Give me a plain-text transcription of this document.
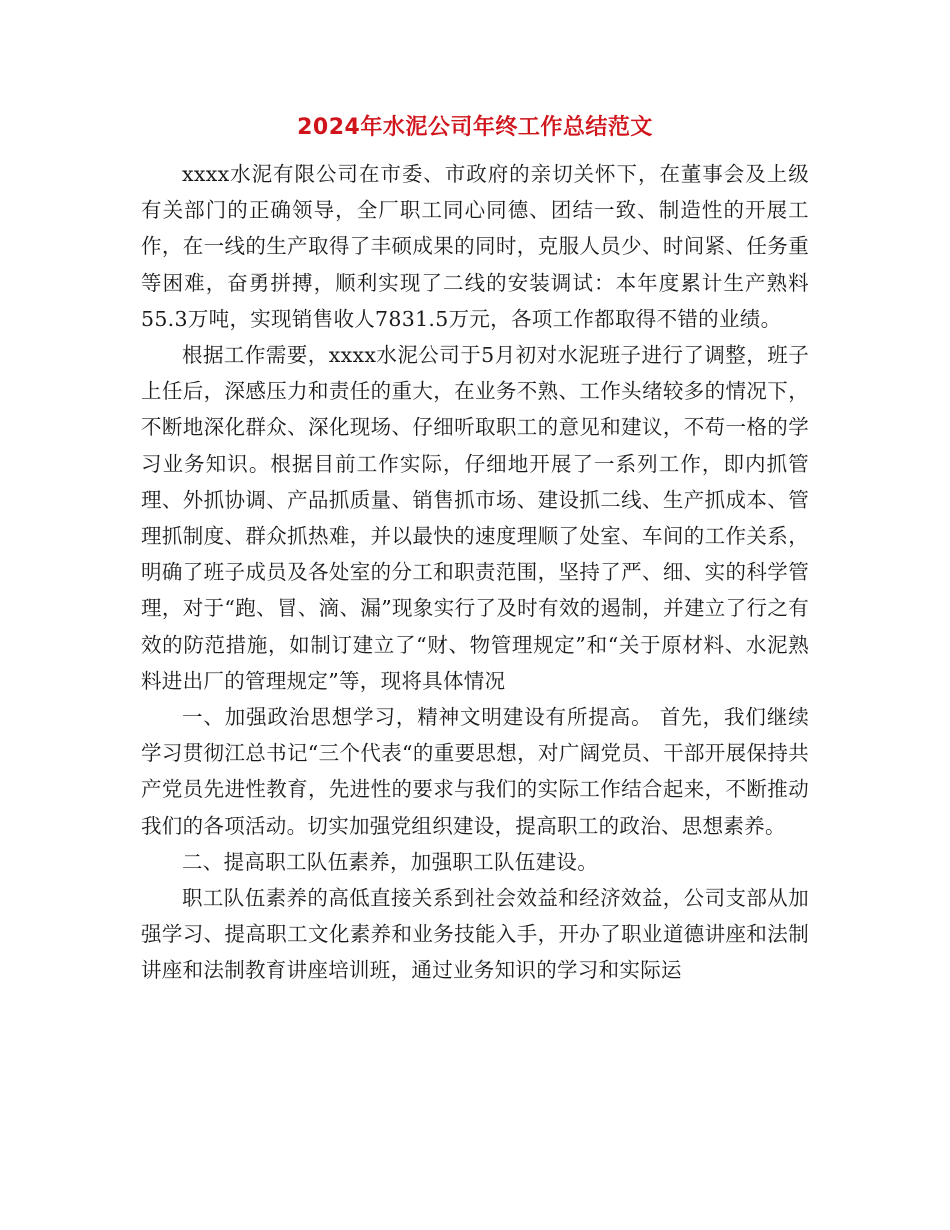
2024年水泥公司年终工作总结范文

xxxx水泥有限公司在市委、市政府的亲切关怀下，在董事会及上级有关部门的正确领导，全厂职工同心同德、团结一致、制造性的开展工作，在一线的生产取得了丰硕成果的同时，克服人员少、时间紧、任务重等困难，奋勇拼搏，顺利实现了二线的安装调试：本年度累计生产熟料55.3万吨，实现销售收人7831.5万元，各项工作都取得不错的业绩。

根据工作需要，xxxx水泥公司于5月初对水泥班子进行了调整，班子上任后，深感压力和责任的重大，在业务不熟、工作头绪较多的情况下，不断地深化群众、深化现场、仔细听取职工的意见和建议，不苟一格的学习业务知识。根据目前工作实际，仔细地开展了一系列工作，即内抓管理、外抓协调、产品抓质量、销售抓市场、建设抓二线、生产抓成本、管理抓制度、群众抓热难，并以最快的速度理顺了处室、车间的工作关系，明确了班子成员及各处室的分工和职责范围，坚持了严、细、实的科学管理，对于“跑、冒、滴、漏”现象实行了及时有效的遏制，并建立了行之有效的防范措施，如制订建立了“财、物管理规定”和“关于原材料、水泥熟料进出厂的管理规定”等，现将具体情况

一、加强政治思想学习，精神文明建设有所提高。 首先，我们继续学习贯彻江总书记“三个代表“的重要思想，对广阔党员、干部开展保持共产党员先进性教育，先进性的要求与我们的实际工作结合起来，不断推动我们的各项活动。切实加强党组织建设，提高职工的政治、思想素养。

二、提高职工队伍素养，加强职工队伍建设。

职工队伍素养的高低直接关系到社会效益和经济效益，公司支部从加强学习、提高职工文化素养和业务技能入手，开办了职业道德讲座和法制讲座和法制教育讲座培训班，通过业务知识的学习和实际运
